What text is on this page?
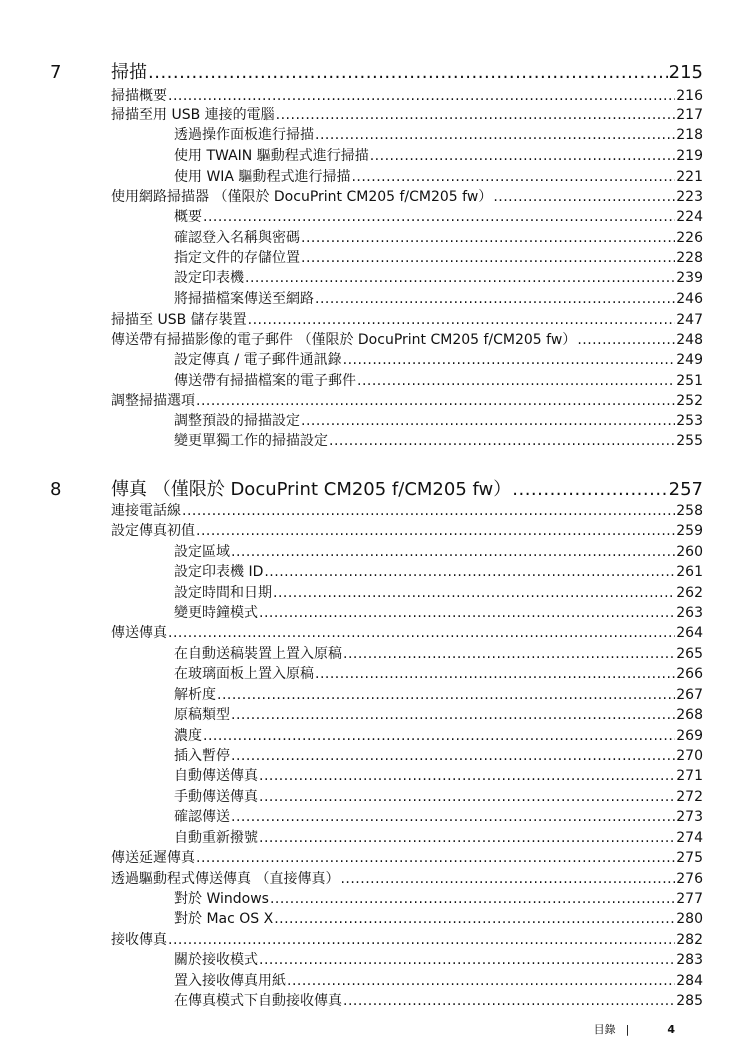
7	掃描 .....	215
掃描概要 .....	216
掃描至用 USB 連接的電腦 .....	217
透過操作面板進行掃描 .....	218
使用 TWAIN 驅動程式進行掃描 .....	219
使用 WIA 驅動程式進行掃描 .....	221
使用網路掃描器 （僅限於 DocuPrint CM205 f/CM205 fw） .....	223
概要 .....	224
確認登入名稱與密碼 .....	226
指定文件的存儲位置 .....	228
設定印表機 .....	239
將掃描檔案傳送至網路 .....	246
掃描至 USB 儲存裝置 .....	247
傳送帶有掃描影像的電子郵件 （僅限於 DocuPrint CM205 f/CM205 fw） .....	248
設定傳真 / 電子郵件通訊錄 .....	249
傳送帶有掃描檔案的電子郵件 .....	251
調整掃描選項 .....	252
調整預設的掃描設定 .....	253
變更單獨工作的掃描設定 .....	255
8	傳真 （僅限於 DocuPrint CM205 f/CM205 fw） .....	257
連接電話線 .....	258
設定傳真初值 .....	259
設定區域 .....	260
設定印表機 ID .....	261
設定時間和日期 .....	262
變更時鐘模式 .....	263
傳送傳真 .....	264
在自動送稿裝置上置入原稿 .....	265
在玻璃面板上置入原稿 .....	266
解析度 .....	267
原稿類型 .....	268
濃度 .....	269
插入暫停 .....	270
自動傳送傳真 .....	271
手動傳送傳真 .....	272
確認傳送 .....	273
自動重新撥號 .....	274
傳送延遲傳真 .....	275
透過驅動程式傳送傳真 （直接傳真） .....	276
對於 Windows .....	277
對於 Mac OS X .....	280
接收傳真 .....	282
關於接收模式 .....	283
置入接收傳真用紙 .....	284
在傳真模式下自動接收傳真 .....	285
目錄 |	4
